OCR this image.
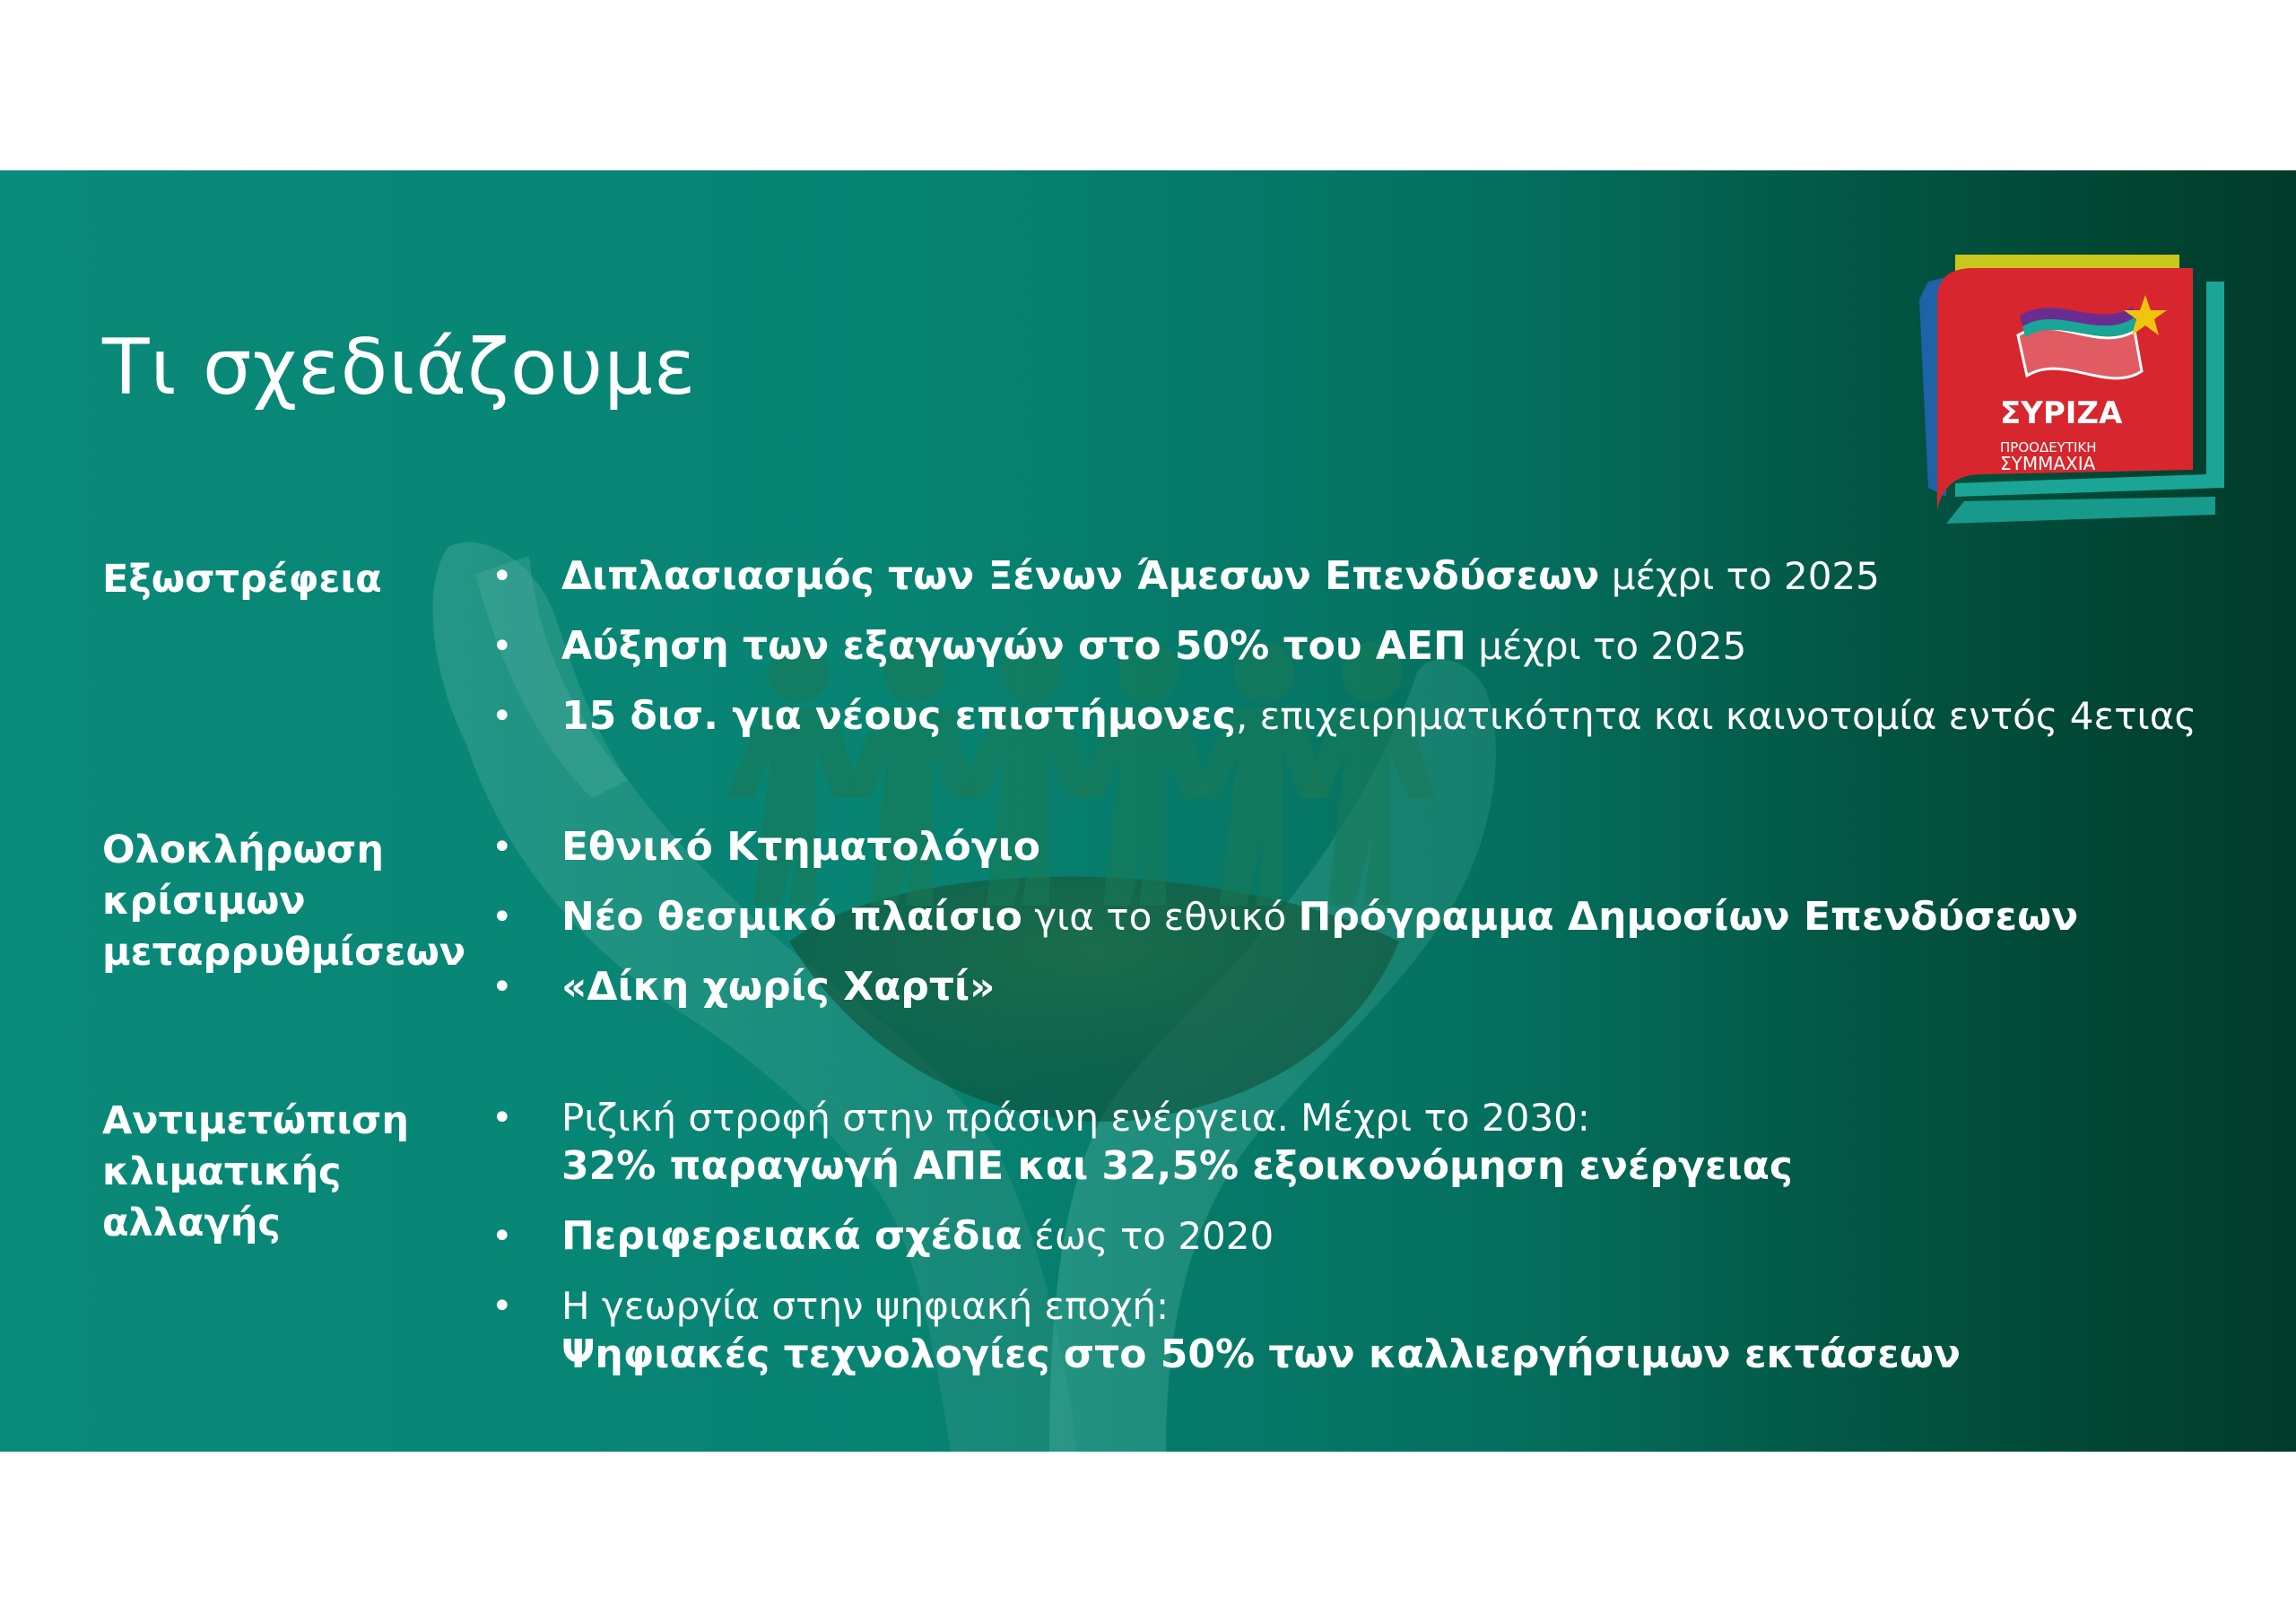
Τι σχεδιάζουμε
ΣΥΡΙΖΑ
ΠΡΟΟΔΕΥΤΙΚΗ
ΣΥΜΜΑΧΙΑ
Εξωστρέφεια	• Διπλασιασμός των Ξένων Άμεσων Επενδύσεων μέχρι το 2025
• Αύξηση των εξαγωγών στο 50% του ΑΕΠ μέχρι το 2025
• 15 δισ. για νέους επιστήμονες, επιχειρηματικότητα και καινοτομία εντός 4ετιας
Ολοκλήρωση
κρίσιμων
μεταρρυθμίσεων
• Εθνικό Κτηματολόγιο
• Νέο θεσμικό πλαίσιο για το εθνικό Πρόγραμμα Δημοσίων Επενδύσεων
• «Δίκη χωρίς Χαρτί»
Αντιμετώπιση
κλιματικής
αλλαγής
• Ριζική στροφή στην πράσινη ενέργεια. Μέχρι το 2030:
32% παραγωγή ΑΠΕ και 32,5% εξοικονόμηση ενέργειας
• Περιφερειακά σχέδια έως το 2020
• Η γεωργία στην ψηφιακή εποχή:
Ψηφιακές τεχνολογίες στο 50% των καλλιεργήσιμων εκτάσεων
